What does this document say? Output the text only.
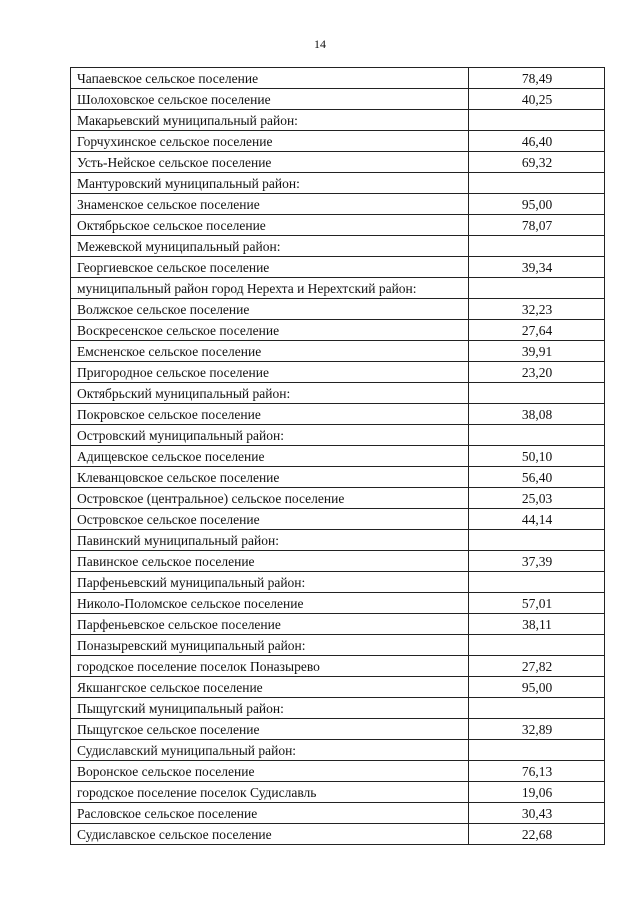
14
Чапаевское сельское поселение	78,49
Шолоховское сельское поселение	40,25
Макарьевский муниципальный район:	
Горчухинское сельское поселение	46,40
Усть-Нейское сельское поселение	69,32
Мантуровский муниципальный район:	
Знаменское сельское поселение	95,00
Октябрьское сельское поселение	78,07
Межевской муниципальный район:	
Георгиевское сельское поселение	39,34
муниципальный район город Нерехта и Нерехтский район:	
Волжское сельское поселение	32,23
Воскресенское сельское поселение	27,64
Емсненское сельское поселение	39,91
Пригородное сельское поселение	23,20
Октябрьский муниципальный район:	
Покровское сельское поселение	38,08
Островский муниципальный район:	
Адищевское сельское поселение	50,10
Клеванцовское сельское поселение	56,40
Островское (центральное) сельское поселение	25,03
Островское сельское поселение	44,14
Павинский муниципальный район:	
Павинское сельское поселение	37,39
Парфеньевский муниципальный район:	
Николо-Поломское сельское поселение	57,01
Парфеньевское сельское поселение	38,11
Поназыревский муниципальный район:	
городское поселение поселок Поназырево	27,82
Якшангское сельское поселение	95,00
Пыщугский муниципальный район:	
Пыщугское сельское поселение	32,89
Судиславский муниципальный район:	
Воронское сельское поселение	76,13
городское поселение поселок Судиславль	19,06
Расловское сельское поселение	30,43
Судиславское сельское поселение	22,68
